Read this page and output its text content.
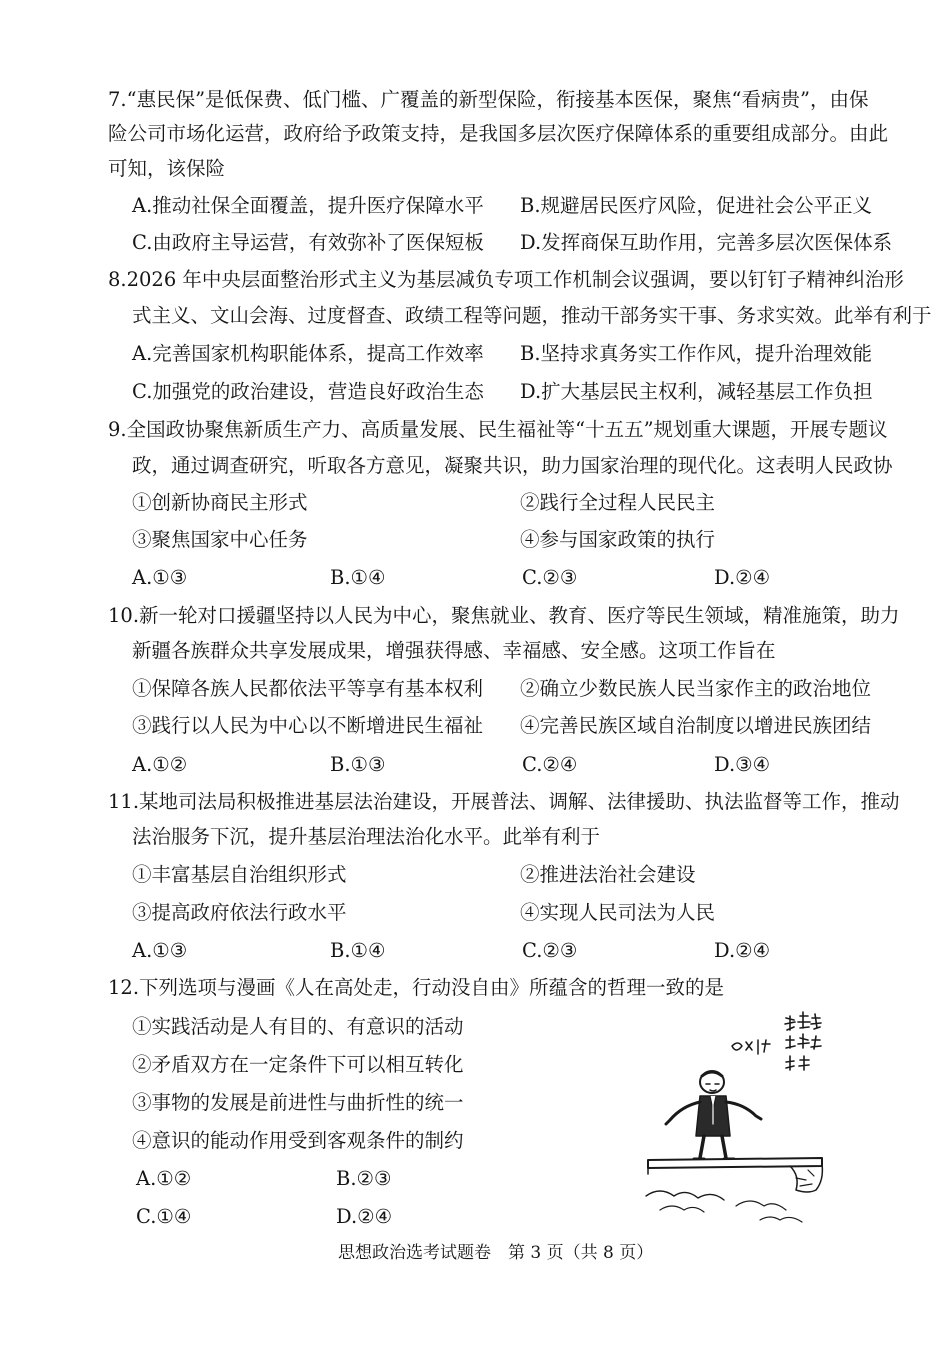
7.“惠民保”是低保费、低门槛、广覆盖的新型保险，衔接基本医保，聚焦“看病贵”，由保
险公司市场化运营，政府给予政策支持，是我国多层次医疗保障体系的重要组成部分。由此
可知，该保险
A.推动社保全面覆盖，提升医疗保障水平 B.规避居民医疗风险，促进社会公平正义
C.由政府主导运营，有效弥补了医保短板 D.发挥商保互助作用，完善多层次医保体系
8.2026 年中央层面整治形式主义为基层减负专项工作机制会议强调，要以钉钉子精神纠治形
式主义、文山会海、过度督查、政绩工程等问题，推动干部务实干事、务求实效。此举有利于
A.完善国家机构职能体系，提高工作效率 B.坚持求真务实工作作风，提升治理效能
C.加强党的政治建设，营造良好政治生态 D.扩大基层民主权利，减轻基层工作负担
9.全国政协聚焦新质生产力、高质量发展、民生福祉等“十五五”规划重大课题，开展专题议
政，通过调查研究，听取各方意见，凝聚共识，助力国家治理的现代化。这表明人民政协
①创新协商民主形式	②践行全过程人民民主
③聚焦国家中心任务	④参与国家政策的执行
A.①③	B.①④	C.②③	D.②④
10.新一轮对口援疆坚持以人民为中心，聚焦就业、教育、医疗等民生领域，精准施策，助力
新疆各族群众共享发展成果，增强获得感、幸福感、安全感。这项工作旨在
①保障各族人民都依法平等享有基本权利 ②确立少数民族人民当家作主的政治地位
③践行以人民为中心以不断增进民生福祉 ④完善民族区域自治制度以增进民族团结
A.①②	B.①③	C.②④	D.③④
11.某地司法局积极推进基层法治建设，开展普法、调解、法律援助、执法监督等工作，推动
法治服务下沉，提升基层治理法治化水平。此举有利于
①丰富基层自治组织形式	②推进法治社会建设
③提高政府依法行政水平	④实现人民司法为人民
A.①③	B.①④	C.②③	D.②④
12.下列选项与漫画《人在高处走，行动没自由》所蕴含的哲理一致的是
①实践活动是人有目的、有意识的活动
②矛盾双方在一定条件下可以相互转化
③事物的发展是前进性与曲折性的统一
④意识的能动作用受到客观条件的制约
A.①②	B.②③
C.①④	D.②④
思想政治选考试题卷　第 3 页（共 8 页）
